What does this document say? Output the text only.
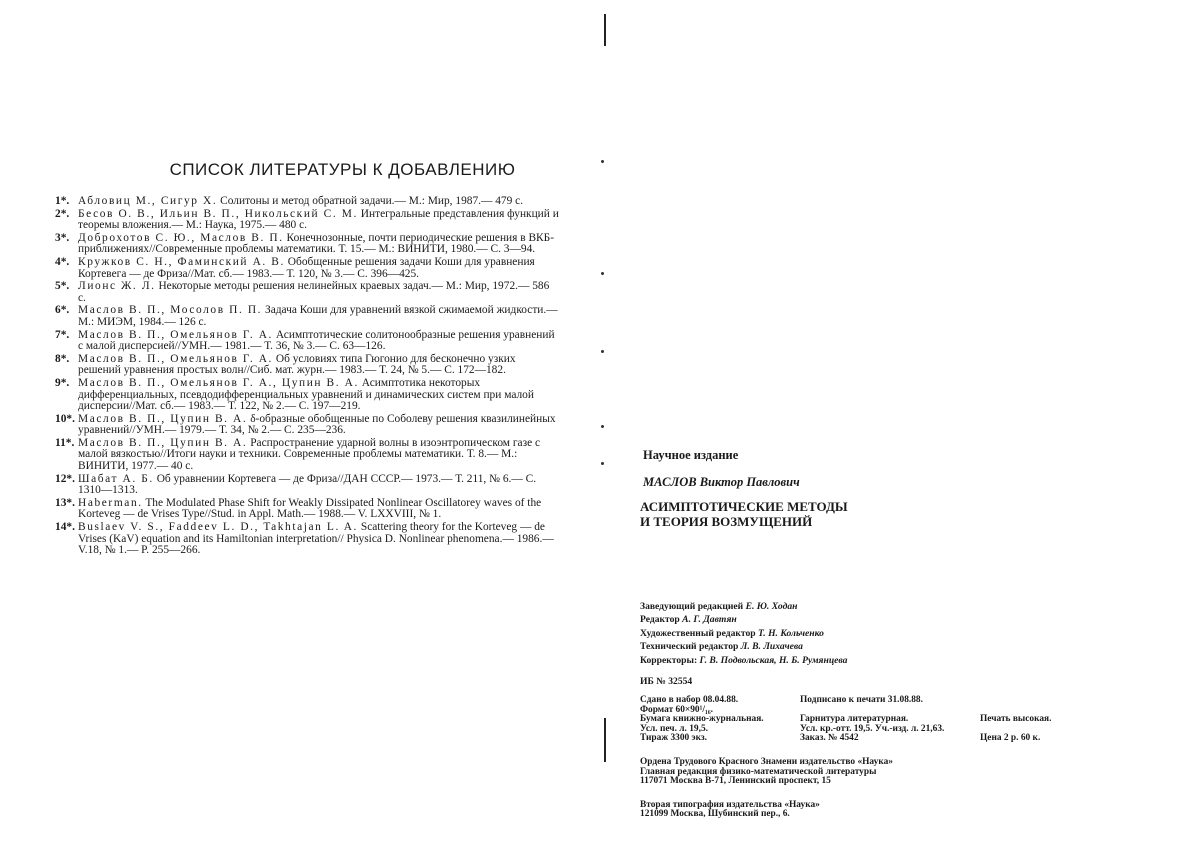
СПИСОК ЛИТЕРАТУРЫ К ДОБАВЛЕНИЮ
1*. Абловиц М., Сигур Х. Солитоны и метод обратной задачи.— М.: Мир, 1987.— 479 с.
2*. Бесов О. В., Ильин В. П., Никольский С. М. Интегральные представления функций и теоремы вложения.— М.: Наука, 1975.— 480 с.
3*. Доброхотов С. Ю., Маслов В. П. Конечнозонные, почти периодические решения в ВКБ-приближениях//Современные проблемы математики. Т. 15.— М.: ВИНИТИ, 1980.— С. 3—94.
4*. Кружков С. Н., Фаминский А. В. Обобщенные решения задачи Коши для уравнения Кортевега — де Фриза//Мат. сб.— 1983.— Т. 120, № 3.— С. 396—425.
5*. Лионс Ж. Л. Некоторые методы решения нелинейных краевых задач.— М.: Мир, 1972.— 586 с.
6*. Маслов В. П., Мосолов П. П. Задача Коши для уравнений вязкой сжимаемой жидкости.— М.: МИЭМ, 1984.— 126 с.
7*. Маслов В. П., Омельянов Г. А. Асимптотические солитонообразные решения уравнений с малой дисперсией//УМН.— 1981.— Т. 36, № 3.— С. 63—126.
8*. Маслов В. П., Омельянов Г. А. Об условиях типа Гюгонио для бесконечно узких решений уравнения простых волн//Сиб. мат. журн.— 1983.— Т. 24, № 5.— С. 172—182.
9*. Маслов В. П., Омельянов Г. А., Цупин В. А. Асимптотика некоторых дифференциальных, псевдодифференциальных уравнений и динамических систем при малой дисперсии//Мат. сб.— 1983.— Т. 122, № 2.— С. 197—219.
10*. Маслов В. П., Цупин В. А. δ-образные обобщенные по Соболеву решения квазилинейных уравнений//УМН.— 1979.— Т. 34, № 2.— С. 235—236.
11*. Маслов В. П., Цупин В. А. Распространение ударной волны в изоэнтропическом газе с малой вязкостью//Итоги науки и техники. Современные проблемы математики. Т. 8.— М.: ВИНИТИ, 1977.— 40 с.
12*. Шабат А. Б. Об уравнении Кортевега — де Фриза//ДАН СССР.— 1973.— Т. 211, № 6.— С. 1310—1313.
13*. Haberman. The Modulated Phase Shift for Weakly Dissipated Nonlinear Oscillatorey waves of the Korteveg — de Vrises Type//Stud. in Appl. Math.— 1988.— V. LXXVIII, № 1.
14*. Buslaev V. S., Faddeev L. D., Takhtajan L. A. Scattering theory for the Korteveg — de Vrises (KaV) equation and its Hamiltonian interpretation// Physica D. Nonlinear phenomena.— 1986.— V.18, № 1.— P. 255—266.
Научное издание
МАСЛОВ Виктор Павлович
АСИМПТОТИЧЕСКИЕ МЕТОДЫ
И ТЕОРИЯ ВОЗМУЩЕНИЙ
Заведующий редакцией Е. Ю. Ходан
Редактор А. Г. Давтян
Художественный редактор Т. Н. Кольченко
Технический редактор Л. В. Лихачева
Корректоры: Г. В. Подвольская, Н. Б. Румянцева
ИБ № 32554
Сдано в набор 08.04.88.	Подписано к печати 31.08.88.
Формат 60×90¹/₁₆.
Бумага книжно-журнальная.	Гарнитура литературная.	Печать высокая.
Усл. печ. л. 19,5.	Усл. кр.-отт. 19,5. Уч.-изд. л. 21,63.
Тираж 3300 экз.	Заказ. № 4542	Цена 2 р. 60 к.
Ордена Трудового Красного Знамени издательство «Наука»
Главная редакция физико-математической литературы
117071 Москва В-71, Ленинский проспект, 15
Вторая типография издательства «Наука»
121099 Москва, Шубинский пер., 6.
